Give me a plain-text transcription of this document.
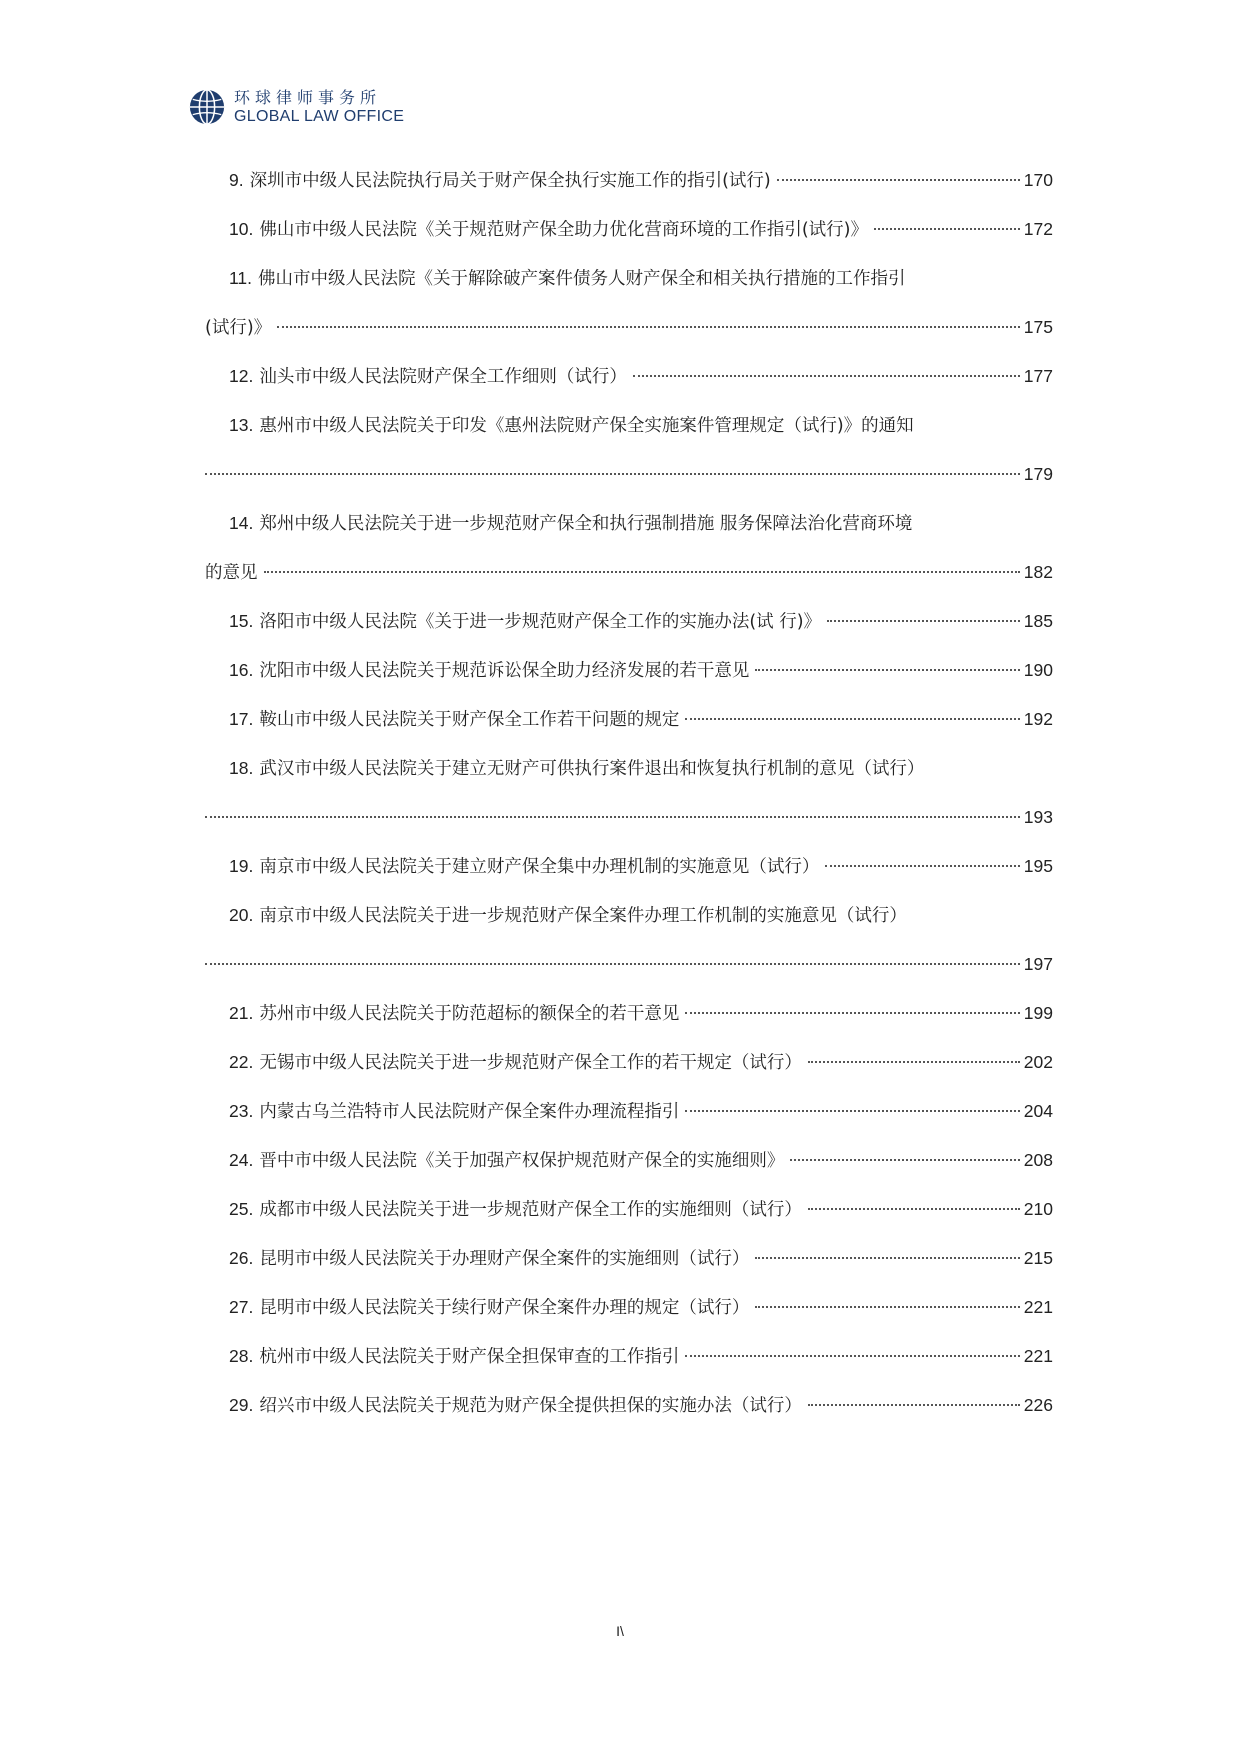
环球律师事务所
GLOBAL LAW OFFICE
9. 深圳市中级人民法院执行局关于财产保全执行实施工作的指引(试行)	170
10. 佛山市中级人民法院《关于规范财产保全助力优化营商环境的工作指引(试行)》	172
11. 佛山市中级人民法院《关于解除破产案件债务人财产保全和相关执行措施的工作指引
(试行)》	175
12. 汕头市中级人民法院财产保全工作细则（试行）	177
13. 惠州市中级人民法院关于印发《惠州法院财产保全实施案件管理规定（试行)》的通知
179
14. 郑州中级人民法院关于进一步规范财产保全和执行强制措施 服务保障法治化营商环境
的意见	182
15. 洛阳市中级人民法院《关于进一步规范财产保全工作的实施办法(试 行)》	185
16. 沈阳市中级人民法院关于规范诉讼保全助力经济发展的若干意见	190
17. 鞍山市中级人民法院关于财产保全工作若干问题的规定	192
18. 武汉市中级人民法院关于建立无财产可供执行案件退出和恢复执行机制的意见（试行）
193
19. 南京市中级人民法院关于建立财产保全集中办理机制的实施意见（试行）	195
20. 南京市中级人民法院关于进一步规范财产保全案件办理工作机制的实施意见（试行）
197
21. 苏州市中级人民法院关于防范超标的额保全的若干意见	199
22. 无锡市中级人民法院关于进一步规范财产保全工作的若干规定（试行）	202
23. 内蒙古乌兰浩特市人民法院财产保全案件办理流程指引	204
24. 晋中市中级人民法院《关于加强产权保护规范财产保全的实施细则》	208
25. 成都市中级人民法院关于进一步规范财产保全工作的实施细则（试行）	210
26. 昆明市中级人民法院关于办理财产保全案件的实施细则（试行）	215
27. 昆明市中级人民法院关于续行财产保全案件办理的规定（试行）	221
28. 杭州市中级人民法院关于财产保全担保审查的工作指引	221
29. 绍兴市中级人民法院关于规范为财产保全提供担保的实施办法（试行）	226
I\
